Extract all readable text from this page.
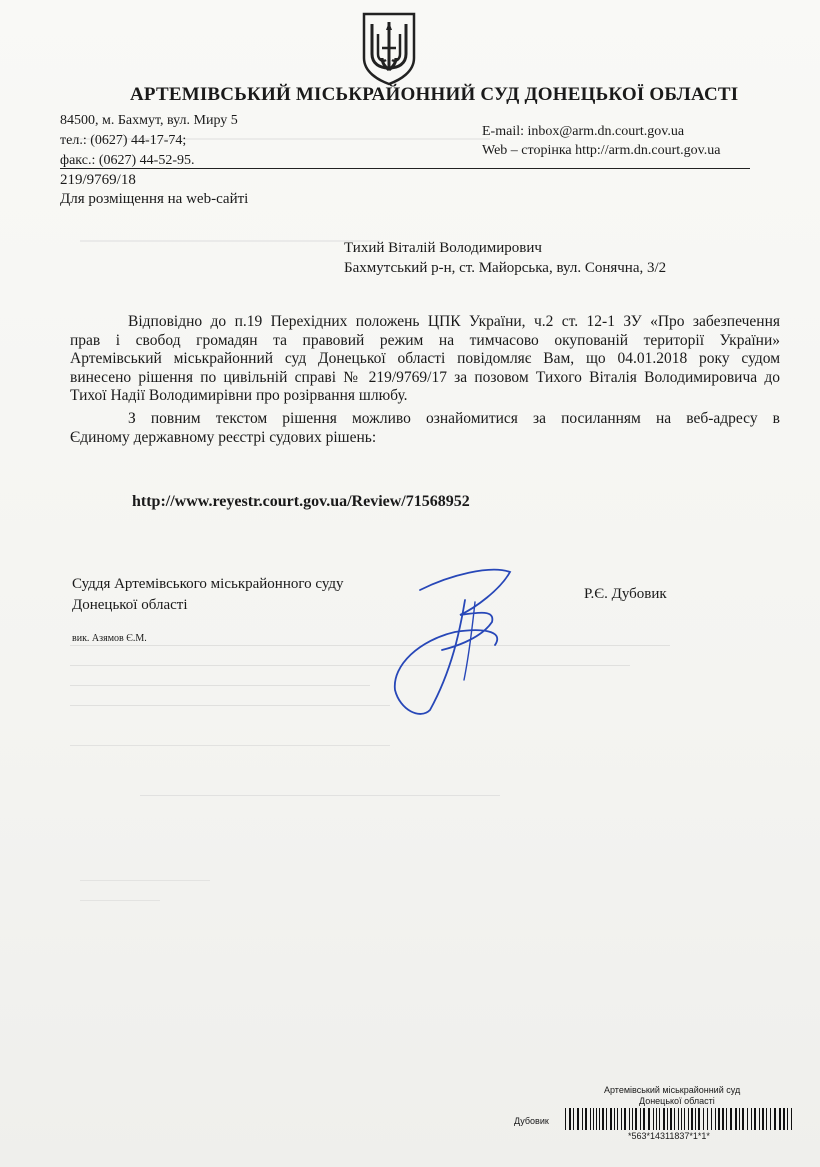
АРТЕМІВСЬКИЙ МІСЬКРАЙОННИЙ СУД ДОНЕЦЬКОЇ ОБЛАСТІ
84500, м. Бахмут, вул. Миру 5
тел.: (0627) 44-17-74;
факс.: (0627) 44-52-95.
E-mail: inbox@arm.dn.court.gov.ua
Web – сторінка http://arm.dn.court.gov.ua
219/9769/18
Для розміщення на web-сайті
Тихий Віталій Володимирович
Бахмутський р-н, ст. Майорська, вул. Сонячна, 3/2
Відповідно до п.19 Перехідних положень ЦПК України, ч.2 ст. 12-1 ЗУ «Про забезпечення
прав і свобод громадян та правовий режим на тимчасово окупованій території України»
Артемівський міськрайонний суд Донецької області повідомляє Вам, що 04.01.2018 року судом
винесено рішення по цивільній справі № 219/9769/17 за позовом Тихого Віталія Володимировича до
Тихої Надії Володимирівни про розірвання шлюбу.
З повним текстом рішення можливо ознайомитися за посиланням на веб-адресу в
Єдиному державному реєстрі судових рішень:
http://www.reyestr.court.gov.ua/Review/71568952
Суддя Артемівського міськрайонного суду
Донецької області
Р.Є. Дубовик
вик. Азямов Є.М.
Артемівський міськрайонний суд
Донецької області
Дубовик
*563*14311837*1*1*
